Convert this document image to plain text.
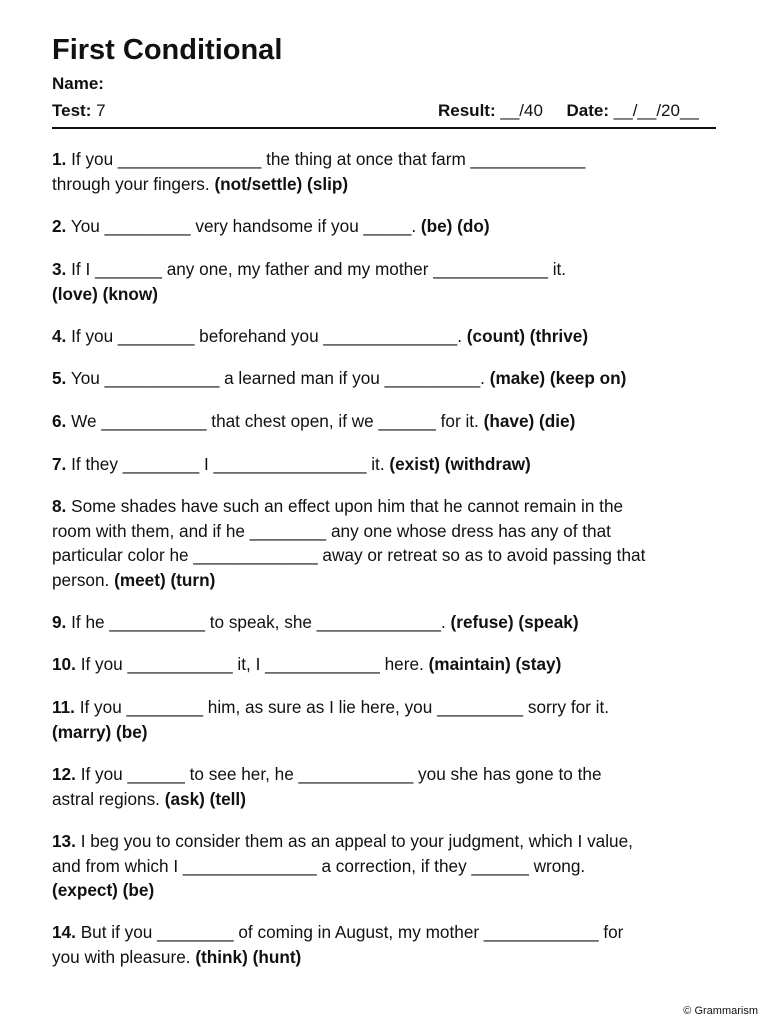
First Conditional
Name:
Test: 7	Result: __/40 Date: __/__/20__

1. If you _______________ the thing at once that farm ____________
through your fingers. (not/settle) (slip)

2. You _________ very handsome if you _____. (be) (do)

3. If I _______ any one, my father and my mother ____________ it.
(love) (know)

4. If you ________ beforehand you ______________. (count) (thrive)

5. You ____________ a learned man if you __________. (make) (keep on)

6. We ___________ that chest open, if we ______ for it. (have) (die)

7. If they ________ I ________________ it. (exist) (withdraw)

8. Some shades have such an effect upon him that he cannot remain in the
room with them, and if he ________ any one whose dress has any of that
particular color he _____________ away or retreat so as to avoid passing that
person. (meet) (turn)

9. If he __________ to speak, she _____________. (refuse) (speak)

10. If you ___________ it, I ____________ here. (maintain) (stay)

11. If you ________ him, as sure as I lie here, you _________ sorry for it.
(marry) (be)

12. If you ______ to see her, he ____________ you she has gone to the
astral regions. (ask) (tell)

13. I beg you to consider them as an appeal to your judgment, which I value,
and from which I ______________ a correction, if they ______ wrong.
(expect) (be)

14. But if you ________ of coming in August, my mother ____________ for
you with pleasure. (think) (hunt)

© Grammarism
